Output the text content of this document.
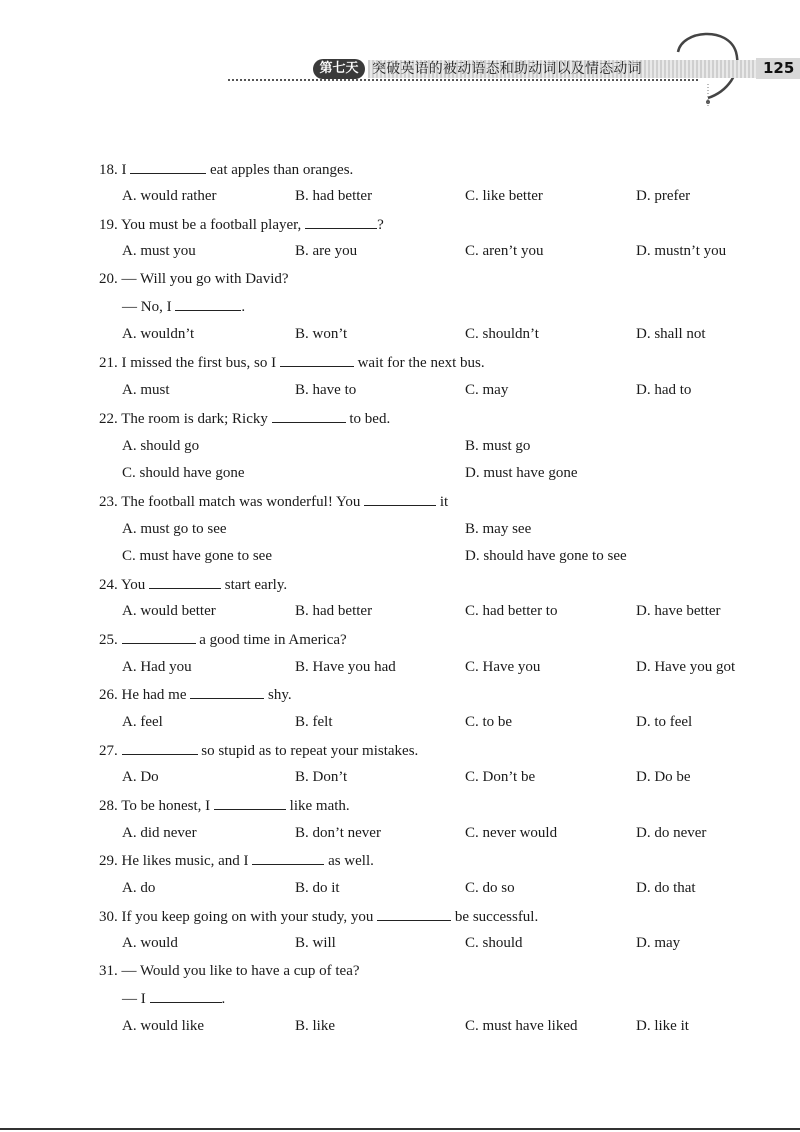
第七天 突破英语的被动语态和助动词以及情态动词	125
18. I	eat apples than oranges.
A. would rather	B. had better	C. like better	D. prefer
19. You must be a football player,	?
A. must you	B. are you	C. aren’t you	D. mustn’t you
20. — Will you go with David?
— No, I	.
A. wouldn’t	B. won’t	C. shouldn’t	D. shall not
21. I missed the first bus, so I	wait for the next bus.
A. must	B. have to	C. may	D. had to
22. The room is dark; Ricky	to bed.
A. should go	B. must go
C. should have gone	D. must have gone
23. The football match was wonderful! You	it
A. must go to see	B. may see
C. must have gone to see	D. should have gone to see
24. You	start early.
A. would better	B. had better	C. had better to	D. have better
25.	a good time in America?
A. Had you	B. Have you had	C. Have you	D. Have you got
26. He had me	shy.
A. feel	B. felt	C. to be	D. to feel
27.	so stupid as to repeat your mistakes.
A. Do	B. Don’t	C. Don’t be	D. Do be
28. To be honest, I	like math.
A. did never	B. don’t never	C. never would	D. do never
29. He likes music, and I	as well.
A. do	B. do it	C. do so	D. do that
30. If you keep going on with your study, you	be successful.
A. would	B. will	C. should	D. may
31. — Would you like to have a cup of tea?
— I	.
A. would like	B. like	C. must have liked	D. like it
